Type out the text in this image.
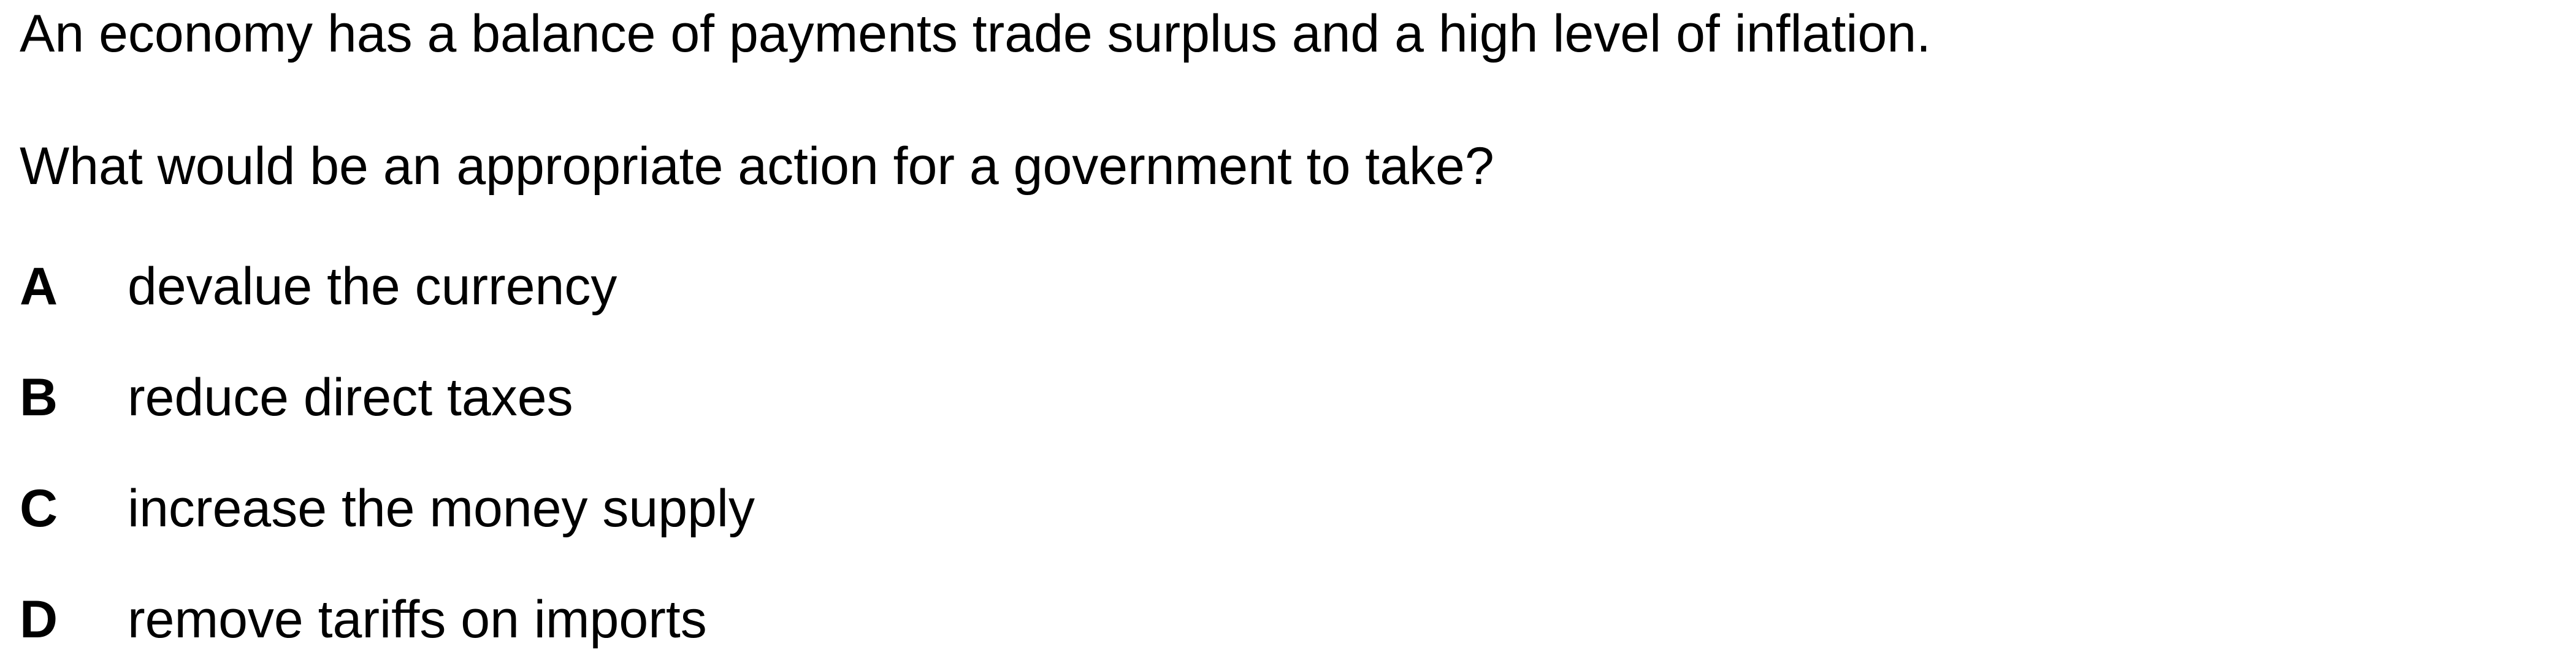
An economy has a balance of payments trade surplus and a high level of inflation.
What would be an appropriate action for a government to take?
A devalue the currency
B reduce direct taxes
C increase the money supply
D remove tariffs on imports
